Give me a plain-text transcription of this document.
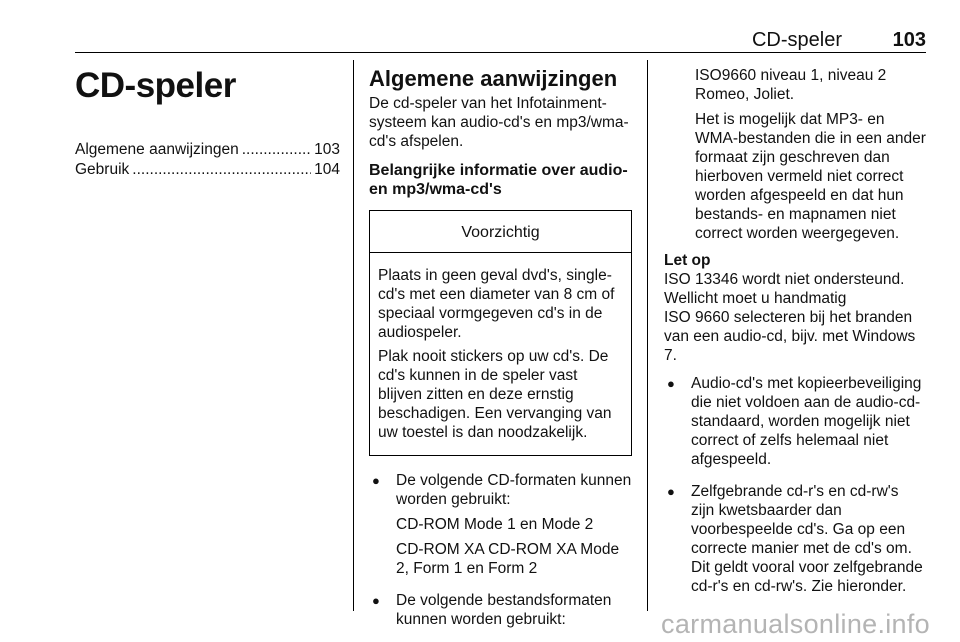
CD-speler	103
CD-speler
Algemene aanwijzingen .....	103
Gebruik .....	104
Algemene aanwijzingen

De cd-speler van het Infotainment-systeem kan audio-cd's en mp3/wma-cd's afspelen.

Belangrijke informatie over audio- en mp3/wma-cd's
Voorzichtig

Plaats in geen geval dvd's, single-cd's met een diameter van 8 cm of speciaal vormgegeven cd's in de audiospeler.

Plak nooit stickers op uw cd's. De cd's kunnen in de speler vast blijven zitten en deze ernstig beschadigen. Een vervanging van uw toestel is dan noodzakelijk.

●	De volgende CD-formaten kunnen worden gebruikt:

CD-ROM Mode 1 en Mode 2

CD-ROM XA CD-ROM XA Mode 2, Form 1 en Form 2

●	De volgende bestandsformaten kunnen worden gebruikt:

ISO9660 niveau 1, niveau 2 Romeo, Joliet.

Het is mogelijk dat MP3- en WMA-bestanden die in een ander formaat zijn geschreven dan hierboven vermeld niet correct worden afgespeeld en dat hun bestands- en mapnamen niet correct worden weergegeven.

Let op

ISO 13346 wordt niet ondersteund.

Wellicht moet u handmatig

ISO 9660 selecteren bij het branden van een audio-cd, bijv. met Windows 7.

●	Audio-cd's met kopieerbeveiliging die niet voldoen aan de audio-cd-standaard, worden mogelijk niet correct of zelfs helemaal niet afgespeeld.

●	Zelfgebrande cd-r's en cd-rw's zijn kwetsbaarder dan voorbespeelde cd's. Ga op een correcte manier met de cd's om. Dit geldt vooral voor zelfgebrande cd-r's en cd-rw's. Zie hieronder.

carmanualsonline.info
